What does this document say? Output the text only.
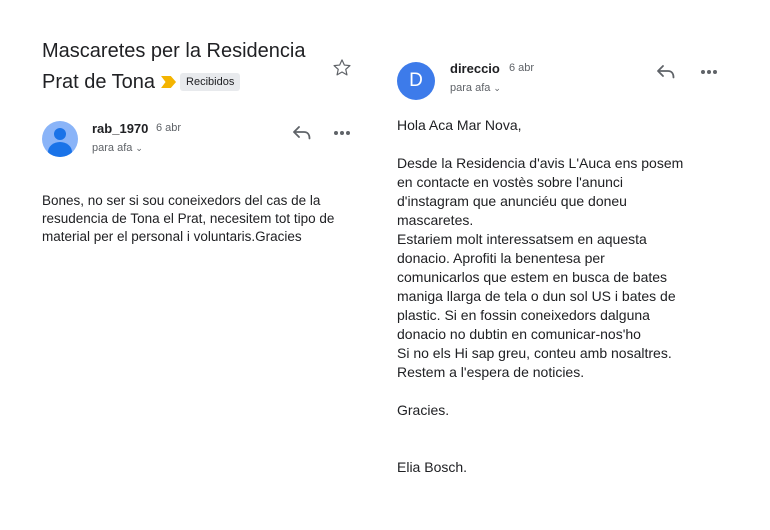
Mascaretes per la Residencia
Prat de Tona	Recibidos
rab_1970 6 abr
para afa ⌄
Bones, no ser si sou coneixedors del cas de la resudencia de Tona el Prat, necesitem tot tipo de material per el personal i voluntaris.Gracies
D
direccio 6 abr
para afa ⌄

Hola Aca Mar Nova,

Desde la Residencia d'avis L'Auca ens posem

en contacte en vostès sobre l'anunci

d'instagram que anunciéu que doneu

mascaretes.

Estariem molt interessatsem en aquesta

donacio. Aprofiti la benentesa per

comunicarlos que estem en busca de bates

maniga llarga de tela o dun sol US i bates de

plastic. Si en fossin coneixedors dalguna

donacio no dubtin en comunicar-nos'ho

Si no els Hi sap greu, conteu amb nosaltres.

Restem a l'espera de noticies.

Gracies.

Elia Bosch.
